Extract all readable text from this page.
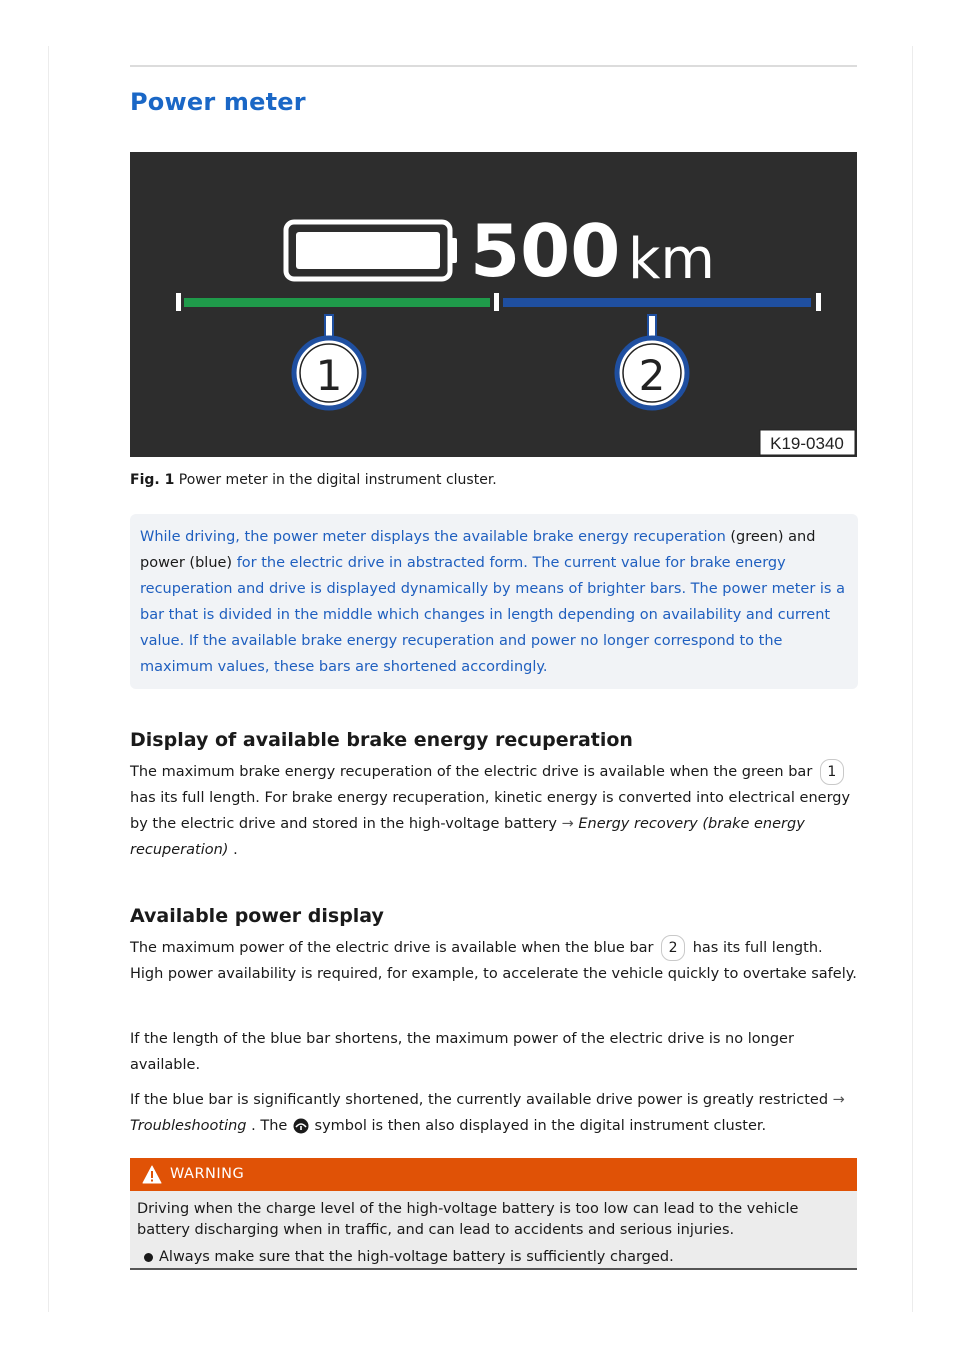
Power meter
500 km
1	2
K19-0340
Fig. 1 Power meter in the digital instrument cluster.
While driving, the power meter displays the available brake energy recuperation (green) and power (blue) for the electric drive in abstracted form. The current value for brake energy recuperation and drive is displayed dynamically by means of brighter bars. The power meter is a bar that is divided in the middle which changes in length depending on availability and current value. If the available brake energy recuperation and power no longer correspond to the maximum values, these bars are shortened accordingly.
Display of available brake energy recuperation
The maximum brake energy recuperation of the electric drive is available when the green bar 1 has its full length. For brake energy recuperation, kinetic energy is converted into electrical energy by the electric drive and stored in the high-voltage battery → Energy recovery (brake energy recuperation) .
Available power display
The maximum power of the electric drive is available when the blue bar 2 has its full length. High power availability is required, for example, to accelerate the vehicle quickly to overtake safely.
If the length of the blue bar shortens, the maximum power of the electric drive is no longer available.
If the blue bar is significantly shortened, the currently available drive power is greatly restricted → Troubleshooting . The symbol is then also displayed in the digital instrument cluster.
WARNING
Driving when the charge level of the high-voltage battery is too low can lead to the vehicle battery discharging when in traffic, and can lead to accidents and serious injuries.
Always make sure that the high-voltage battery is sufficiently charged.
